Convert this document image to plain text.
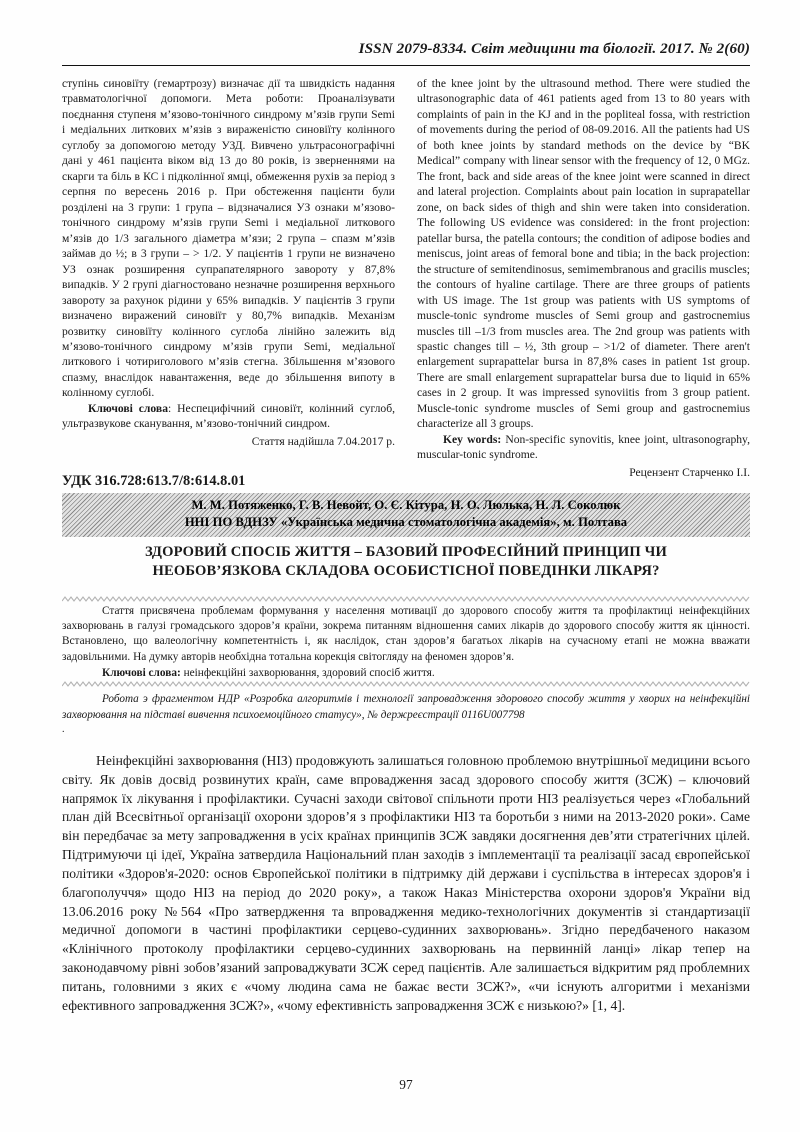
ISSN 2079-8334. Світ медицини та біології. 2017. № 2(60)

ступінь синовіїту (гемартрозу) визначає дії та швидкість надання травматологічної допомоги. Мета роботи: Проаналізувати поєднання ступеня м’язово-тонічного синдрому м’язів групи Semi і медіальних литкових м’язів з вираженістю синовіїту колінного суглобу за допомогою методу УЗД. Вивчено ультрасонографічні дані у 461 пацієнта віком від 13 до 80 років, із зверненнями на скарги та біль в КС і підколінної ямці, обмеження рухів за період з серпня по вересень 2016 р. При обстеження пацієнти були розділені на 3 групи: 1 група – відзначалися УЗ ознаки м’язово-тонічного синдрому м’язів групи Semi і медіальної литкового м’язів до 1/3 загального діаметра м’язи; 2 група – спазм м’язів займав до ½; в 3 групи – > 1/2. У пацієнтів 1 групи не визначено УЗ ознак розширення супрапателярного завороту у 87,8% випадків. У 2 групі діагностовано незначне розширення верхнього завороту за рахунок рідини у 65% випадків. У пацієнтів 3 групи визначено виражений синовіїт у 80,7% випадків. Механізм розвитку синовіїту колінного суглоба лінійно залежить від м’язово-тонічного синдрому м’язів групи Semi, медіальної литкового і чотириголового м’язів стегна. Збільшення м’язового спазму, внаслідок навантаження, веде до збільшення випоту в колінному суглобі.

Ключові слова: Неспецифічний синовіїт, колінний суглоб, ультразвукове сканування, м’язово-тонічний синдром.

Стаття надійшла 7.04.2017 р.

of the knee joint by the ultrasound method. There were studied the ultrasonographic data of 461 patients aged from 13 to 80 years with complaints of pain in the KJ and in the popliteal fossa, with restriction of movements during the period of 08-09.2016. All the patients had US of both knee joints by standard methods on the device by “BK Medical” company with linear sensor with the frequency of 12, 0 MGz. The front, back and side areas of the knee joint were scanned in direct and lateral projection. Complaints about pain location in suprapatellar zone, on back sides of thigh and shin were taken into consideration. The following US evidence was considered: in the front projection: patellar bursa, the patella contours; the condition of adipose bodies and meniscus, joint areas of femoral bone and tibia; in the back projection: the structure of semitendinosus, semimembranous and gracilis muscles; the contours of hyaline cartilage. There are three groups of patients with US image. The 1st group was patients with US symptoms of muscle-tonic syndrome muscles of Semi group and gastrocnemius muscles till –1/3 from muscles area. The 2nd group was patients with spastic changes till – ½, 3th group – >1/2 of diameter. There aren't enlargement suprapattelar bursa in 87,8% cases in patient 1st group. There are small enlargement suprapattelar bursa due to liquid in 65% cases in 2 group. It was impressed synoviitis from 3 group patient. Muscle-tonic syndrome muscles of Semi group and gastrocnemius characterize all 3 groups.

Key words: Non-specific synovitis, knee joint, ultrasonography, muscular-tonic syndrome.

Рецензент Старченко І.І.
УДК 316.728:613.7/8:614.8.01
М. М. Потяженко, Г. В. Невойт, О. Є. Кітура, Н. О. Люлька, Н. Л. Соколюк
ННІ ПО ВДНЗУ «Українська медична стоматологічна академія», м. Полтава
ЗДОРОВИЙ СПОСІБ ЖИТТЯ – БАЗОВИЙ ПРОФЕСІЙНИЙ ПРИНЦИП ЧИ НЕОБОВ’ЯЗКОВА СКЛАДОВА ОСОБИСТІСНОЇ ПОВЕДІНКИ ЛІКАРЯ?

Стаття присвячена проблемам формування у населення мотивації до здорового способу життя та профілактиці неінфекційних захворювань в галузі громадського здоров’я країни, зокрема питанням відношення самих лікарів до здорового способу життя як цінності. Встановлено, що валеологічну компетентність і, як наслідок, стан здоров’я багатьох лікарів на сучасному етапі не можна вважати задовільними. На думку авторів необхідна тотальна корекція світогляду на феномен здоров’я.

Ключові слова: неінфекційні захворювання, здоровий спосіб життя.

Робота э фрагментом НДР «Розробка алгоритмів і технології запровадження здорового способу життя у хворих на неінфекційні захворювання на підставі вивчення психоемоційного статусу», № держреєстрації 0116U007798

.

Неінфекційні захворювання (НІЗ) продовжують залишаться головною проблемою внутрішньої медицини всього світу. Як довів досвід розвинутих країн, саме впровадження засад здорового способу життя (ЗСЖ) – ключовий напрямок їх лікування і профілактики. Сучасні заходи світової спільноти проти НІЗ реалізується через «Глобальний план дій Всесвітньої організації охорони здоров’я з профілактики НІЗ та боротьби з ними на 2013-2020 роки». Саме він передбачає за мету запровадження в усіх країнах принципів ЗСЖ завдяки досягнення дев’яти стратегічних цілей. Підтримуючи ці ідеї, Україна затвердила Національний план заходів з імплементації та реалізації засад європейської політики «Здоров'я-2020: основ Європейської політики в підтримку дій держави і суспільства в інтересах здоров'я і благополуччя» щодо НІЗ на період до 2020 року», а також Наказ Міністерства охорони здоров'я України від 13.06.2016 року №564 «Про затвердження та впровадження медико-технологічних документів зі стандартизації медичної допомоги в частині профілактики серцево-судинних захворювань». Згідно передбаченого наказом «Клінічного протоколу профілактики серцево-судинних захворювань на первинній ланці» лікар тепер на законодавчому рівні зобов’язаний запроваджувати ЗСЖ серед пацієнтів. Але залишається відкритим ряд проблемних питань, головними з яких є «чому людина сама не бажає вести ЗСЖ?», «чи існують алгоритми і механізми ефективного запровадження ЗСЖ?», «чому ефективність запровадження ЗСЖ є низькою?» [1, 4].

97
